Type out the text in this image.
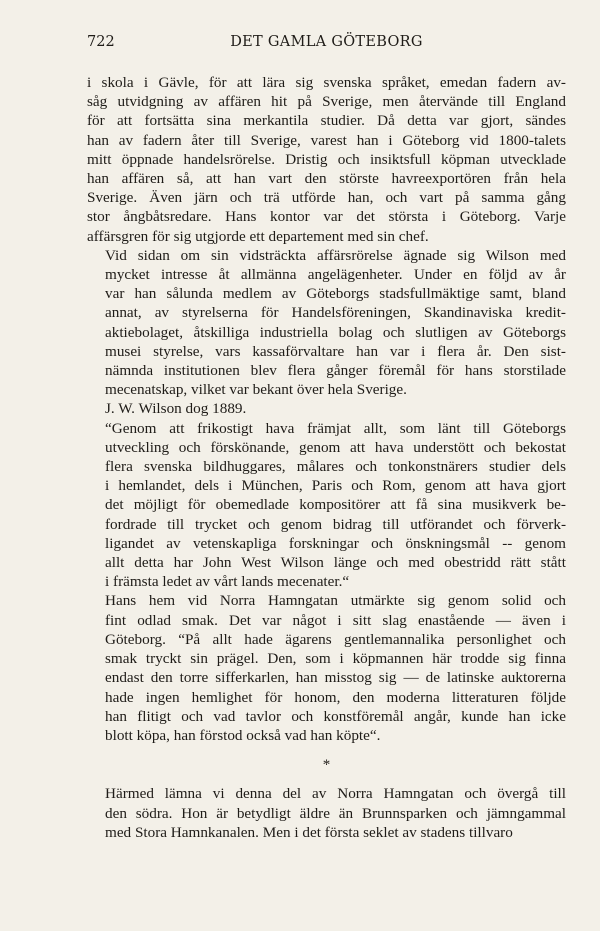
722	DET GAMLA GÖTEBORG

i skola i Gävle, för att lära sig svenska språket, emedan fadern av-
såg utvidgning av affären hit på Sverige, men återvände till England
för att fortsätta sina merkantila studier. Då detta var gjort, sändes
han av fadern åter till Sverige, varest han i Göteborg vid 1800-talets
mitt öppnade handelsrörelse. Dristig och insiktsfull köpman utvecklade
han affären så, att han vart den störste havreexportören från hela
Sverige. Även järn och trä utförde han, och vart på samma gång
stor ångbåtsredare. Hans kontor var det största i Göteborg. Varje
affärsgren för sig utgjorde ett departement med sin chef.

Vid sidan om sin vidsträckta affärsrörelse ägnade sig Wilson med
mycket intresse åt allmänna angelägenheter. Under en följd av år
var han sålunda medlem av Göteborgs stadsfullmäktige samt, bland
annat, av styrelserna för Handelsföreningen, Skandinaviska kredit-
aktiebolaget, åtskilliga industriella bolag och slutligen av Göteborgs
musei styrelse, vars kassaförvaltare han var i flera år. Den sist-
nämnda institutionen blev flera gånger föremål för hans storstilade
mecenatskap, vilket var bekant över hela Sverige.

J. W. Wilson dog 1889.

“Genom att frikostigt hava främjat allt, som länt till Göteborgs
utveckling och förskönande, genom att hava understött och bekostat
flera svenska bildhuggares, målares och tonkonstnärers studier dels
i hemlandet, dels i München, Paris och Rom, genom att hava gjort
det möjligt för obemedlade kompositörer att få sina musikverk be-
fordrade till trycket och genom bidrag till utförandet och förverk-
ligandet av vetenskapliga forskningar och önskningsmål -- genom
allt detta har John West Wilson länge och med obestridd rätt stått
i främsta ledet av vårt lands mecenater.“

Hans hem vid Norra Hamngatan utmärkte sig genom solid och
fint odlad smak. Det var något i sitt slag enastående — även i
Göteborg. “På allt hade ägarens gentlemannalika personlighet och
smak tryckt sin prägel. Den, som i köpmannen här trodde sig finna
endast den torre sifferkarlen, han misstog sig — de latinske auktorerna
hade ingen hemlighet för honom, den moderna litteraturen följde
han flitigt och vad tavlor och konstföremål angår, kunde han icke
blott köpa, han förstod också vad han köpte“.

*

Härmed lämna vi denna del av Norra Hamngatan och övergå till
den södra. Hon är betydligt äldre än Brunnsparken och jämngammal
med Stora Hamnkanalen. Men i det första seklet av stadens tillvaro
